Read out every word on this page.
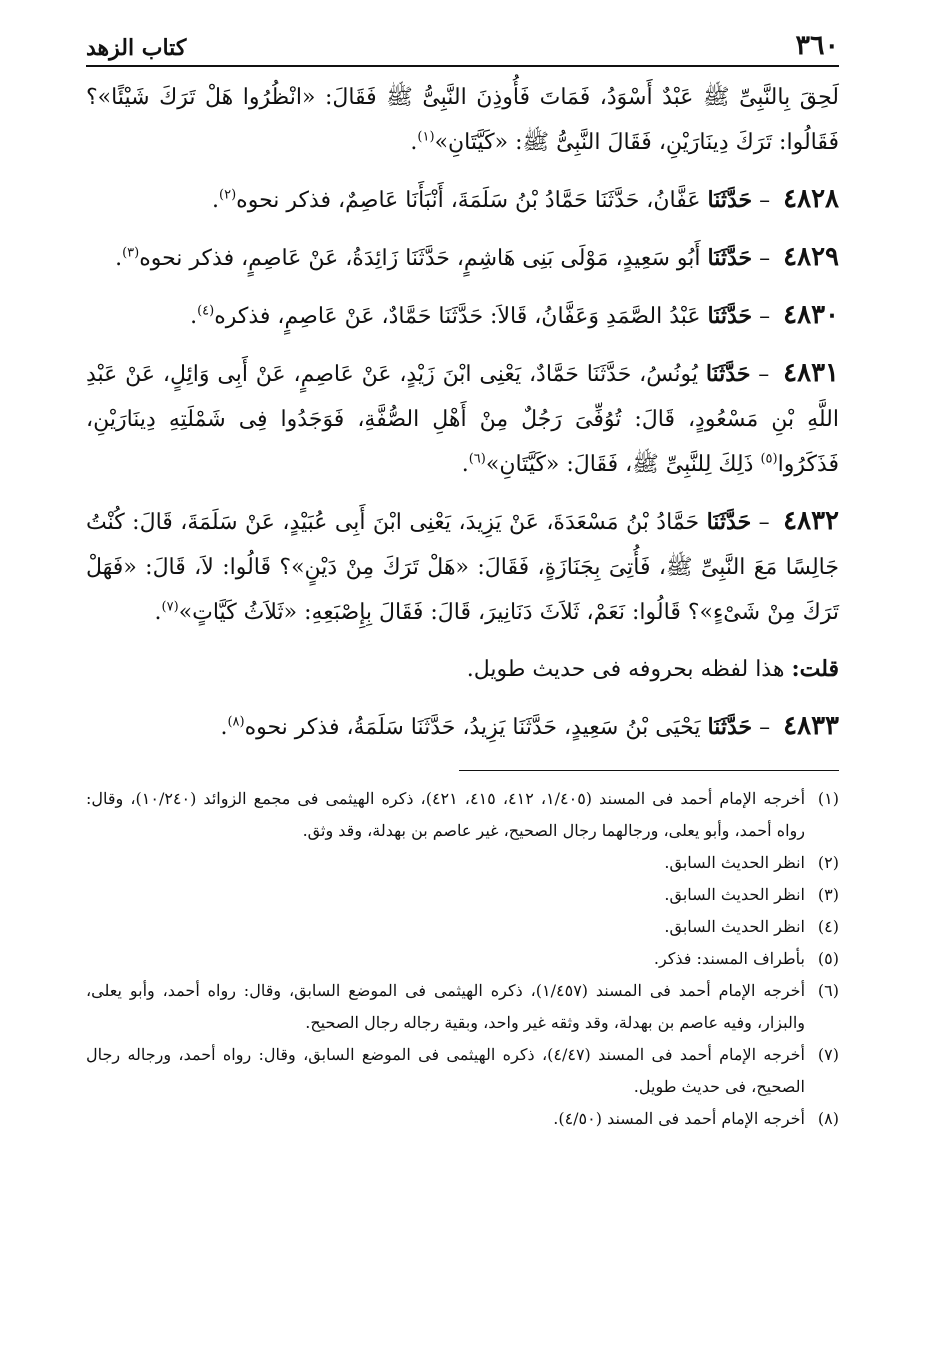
٣٦٠
كتاب الزهد

لَحِقَ بِالنَّبِىِّ ﷺ عَبْدٌ أَسْوَدُ، فَمَاتَ فَأُوذِنَ النَّبِىُّ ﷺ فَقَالَ: «انْظُرُوا هَلْ تَرَكَ شَيْئًا»؟ فَقَالُوا: تَرَكَ دِينَارَيْنِ، فَقَالَ النَّبِىُّ ﷺ: «كَيَّتَانِ»$^{(١)}$.

٤٨٢٨ – حَدَّثَنَا عَفَّانُ، حَدَّثَنَا حَمَّادُ بْنُ سَلَمَةَ، أَنْبَأَنَا عَاصِمٌ، فذكر نحوه$^{(٢)}$.

٤٨٢٩ – حَدَّثَنَا أَبُو سَعِيدٍ، مَوْلَى بَنِى هَاشِمٍ، حَدَّثَنَا زَائِدَةُ، عَنْ عَاصِمٍ، فذكر نحوه$^{(٣)}$.

٤٨٣٠ – حَدَّثَنَا عَبْدُ الصَّمَدِ وَعَفَّانُ، قَالاَ: حَدَّثَنَا حَمَّادٌ، عَنْ عَاصِمٍ، فذكره$^{(٤)}$.

٤٨٣١ – حَدَّثَنَا يُونُسُ، حَدَّثَنَا حَمَّادٌ، يَعْنِى ابْنَ زَيْدٍ، عَنْ عَاصِمٍ، عَنْ أَبِى وَائِلٍ، عَنْ عَبْدِ اللَّهِ بْنِ مَسْعُودٍ، قَالَ: تُوُفِّىَ رَجُلٌ مِنْ أَهْلِ الصُّفَّةِ، فَوَجَدُوا فِى شَمْلَتِهِ دِينَارَيْنِ، فَذَكَرُوا$^{(٥)}$ ذَلِكَ لِلنَّبِىِّ ﷺ، فَقَالَ: «كَيَّتَانِ»$^{(٦)}$.

٤٨٣٢ – حَدَّثَنَا حَمَّادُ بْنُ مَسْعَدَةَ، عَنْ يَزِيدَ، يَعْنِى ابْنَ أَبِى عُبَيْدٍ، عَنْ سَلَمَةَ، قَالَ: كُنْتُ جَالِسًا مَعَ النَّبِىِّ ﷺ، فَأُتِىَ بِجَنَازَةٍ، فَقَالَ: «هَلْ تَرَكَ مِنْ دَيْنٍ»؟ قَالُوا: لاَ، قَالَ: «فَهَلْ تَرَكَ مِنْ شَىْءٍ»؟ قَالُوا: نَعَمْ، ثَلاَثَ دَنَانِيرَ، قَالَ: فَقَالَ بِإِصْبَعِهِ: «ثَلاَثُ كَيَّاتٍ»$^{(٧)}$.

قلت: هذا لفظه بحروفه فى حديث طويل.

٤٨٣٣ – حَدَّثَنَا يَحْيَى بْنُ سَعِيدٍ، حَدَّثَنَا يَزِيدُ، حَدَّثَنَا سَلَمَةُ، فذكر نحوه$^{(٨)}$.

(١)
أخرجه الإمام أحمد فى المسند (١/٤٠٥، ٤١٢، ٤١٥، ٤٢١)، ذكره الهيثمى فى مجمع الزوائد (١٠/٢٤٠)، وقال: رواه أحمد، وأبو يعلى، ورجالهما رجال الصحيح، غير عاصم بن بهدلة، وقد وثق.

(٢)
انظر الحديث السابق.

(٣)
انظر الحديث السابق.

(٤)
انظر الحديث السابق.

(٥)
بأطراف المسند: فذكر.

(٦)
أخرجه الإمام أحمد فى المسند (١/٤٥٧)، ذكره الهيثمى فى الموضع السابق، وقال: رواه أحمد، وأبو يعلى، والبزار، وفيه عاصم بن بهدلة، وقد وثقه غير واحد، وبقية رجاله رجال الصحيح.

(٧)
أخرجه الإمام أحمد فى المسند (٤/٤٧)، ذكره الهيثمى فى الموضع السابق، وقال: رواه أحمد، ورجاله رجال الصحيح، فى حديث طويل.

(٨)
أخرجه الإمام أحمد فى المسند (٤/٥٠).
